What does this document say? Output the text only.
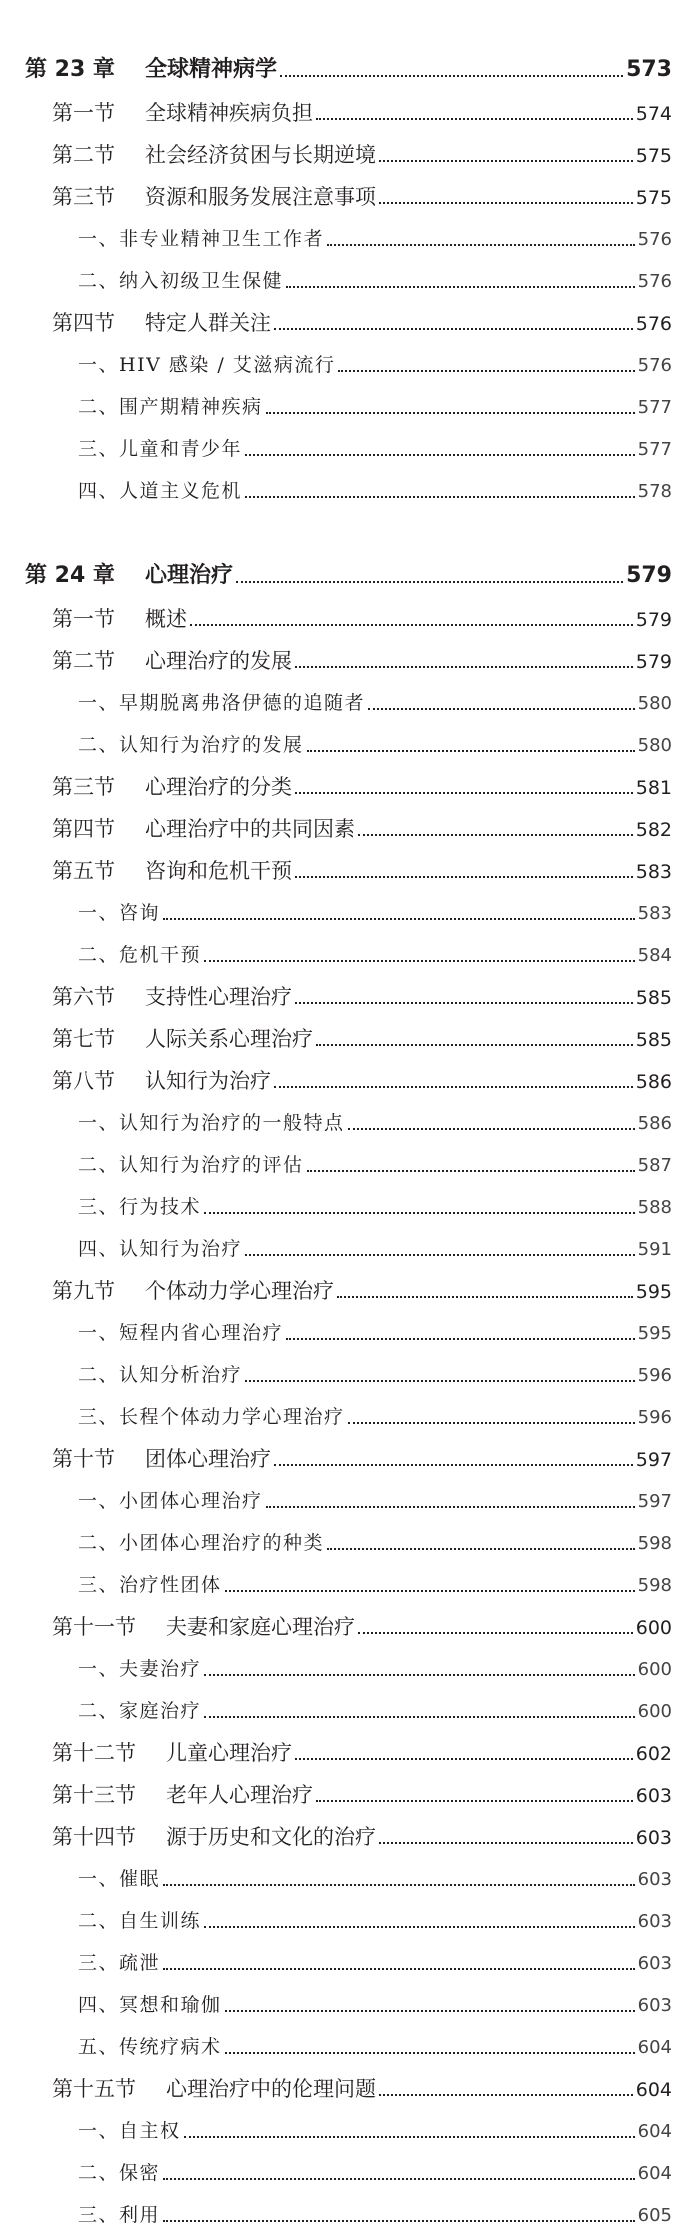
第 23 章 全球精神病学	573
第一节 全球精神疾病负担	574
第二节 社会经济贫困与长期逆境	575
第三节 资源和服务发展注意事项	575
一、非专业精神卫生工作者	576
二、纳入初级卫生保健	576
第四节 特定人群关注	576
一、HIV 感染 / 艾滋病流行	576
二、围产期精神疾病	577
三、儿童和青少年	577
四、人道主义危机	578
第 24 章 心理治疗	579
第一节 概述	579
第二节 心理治疗的发展	579
一、早期脱离弗洛伊德的追随者	580
二、认知行为治疗的发展	580
第三节 心理治疗的分类	581
第四节 心理治疗中的共同因素	582
第五节 咨询和危机干预	583
一、咨询	583
二、危机干预	584
第六节 支持性心理治疗	585
第七节 人际关系心理治疗	585
第八节 认知行为治疗	586
一、认知行为治疗的一般特点	586
二、认知行为治疗的评估	587
三、行为技术	588
四、认知行为治疗	591
第九节 个体动力学心理治疗	595
一、短程内省心理治疗	595
二、认知分析治疗	596
三、长程个体动力学心理治疗	596
第十节 团体心理治疗	597
一、小团体心理治疗	597
二、小团体心理治疗的种类	598
三、治疗性团体	598
第十一节 夫妻和家庭心理治疗	600
一、夫妻治疗	600
二、家庭治疗	600
第十二节 儿童心理治疗	602
第十三节 老年人心理治疗	603
第十四节 源于历史和文化的治疗	603
一、催眠	603
二、自生训练	603
三、疏泄	603
四、冥想和瑜伽	603
五、传统疗病术	604
第十五节 心理治疗中的伦理问题	604
一、自主权	604
二、保密	604
三、利用	605
